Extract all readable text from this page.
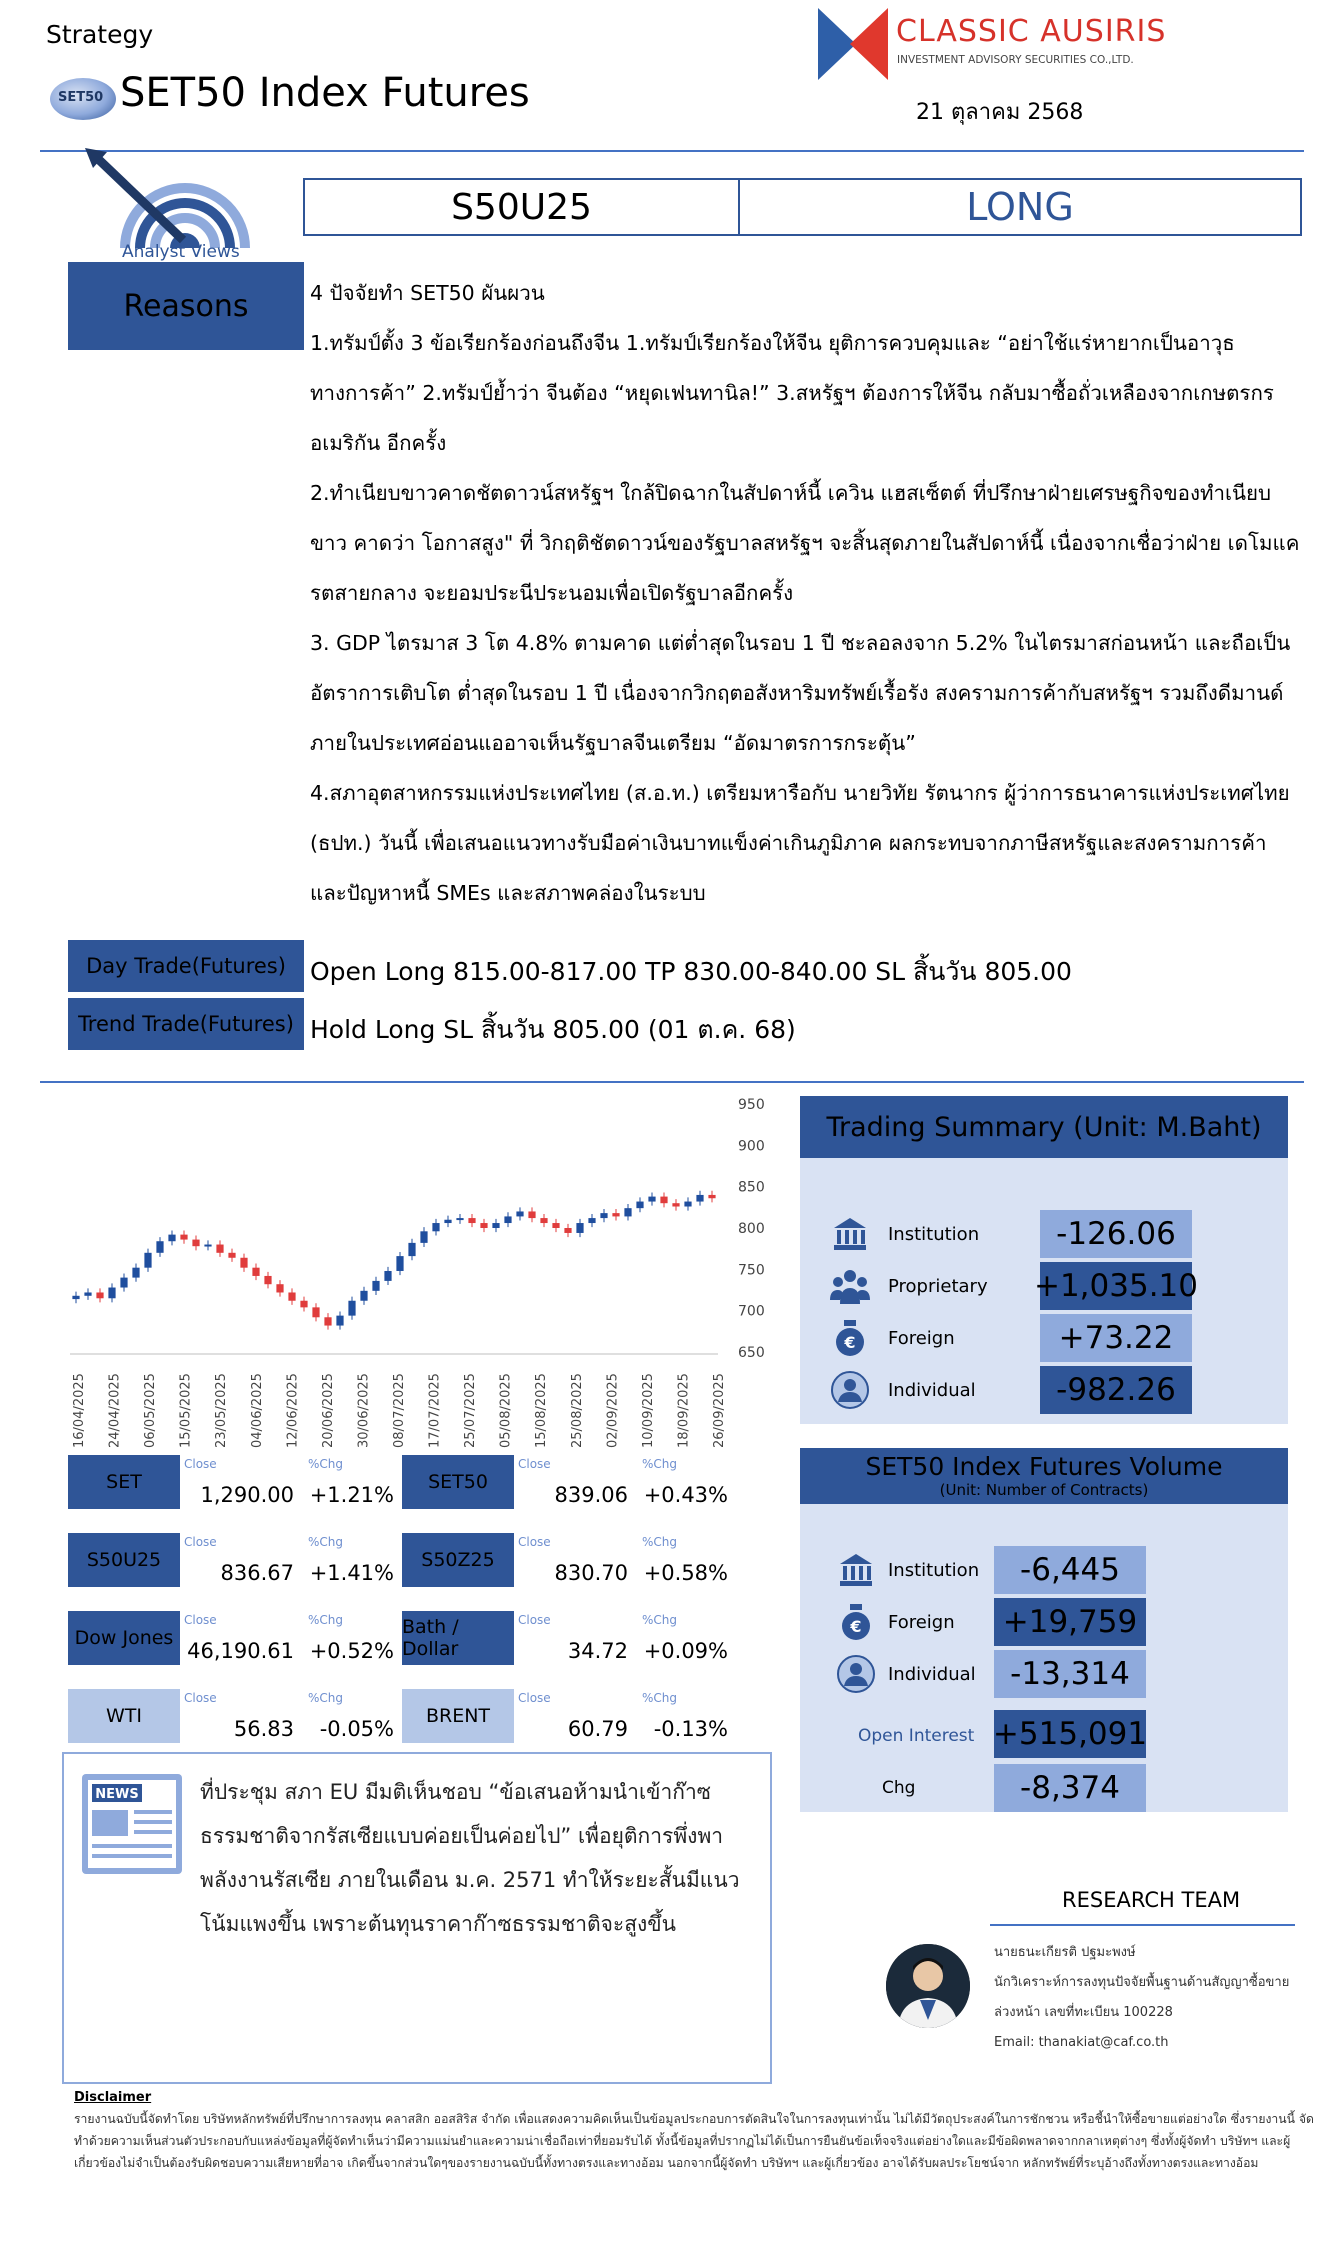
Strategy
SET50 SET50 Index Futures
CLASSIC AUSIRIS
INVESTMENT ADVISORY SECURITIES CO.,LTD.
21 ตุลาคม 2568
Analyst Views
S50U25	LONG
Reasons	4 ปัจจัยทำ SET50 ผันผวน

1.ทรัมป์ตั้ง 3 ข้อเรียกร้องก่อนถึงจีน 1.ทรัมป์เรียกร้องให้จีน ยุติการควบคุมและ “อย่าใช้แร่หายากเป็นอาวุธทางการค้า” 2.ทรัมป์ย้ำว่า จีนต้อง “หยุดเฟนทานิล!” 3.สหรัฐฯ ต้องการให้จีน กลับมาซื้อถั่วเหลืองจากเกษตรกรอเมริกัน อีกครั้ง

2.ทำเนียบขาวคาดชัตดาวน์สหรัฐฯ ใกล้ปิดฉากในสัปดาห์นี้ เควิน แฮสเซ็ตต์ ที่ปรึกษาฝ่ายเศรษฐกิจของทำเนียบขาว คาดว่า โอกาสสูง" ที่ วิกฤติชัตดาวน์ของรัฐบาลสหรัฐฯ จะสิ้นสุดภายในสัปดาห์นี้ เนื่องจากเชื่อว่าฝ่าย เดโมแครตสายกลาง จะยอมประนีประนอมเพื่อเปิดรัฐบาลอีกครั้ง

3. GDP ไตรมาส 3 โต 4.8% ตามคาด แต่ต่ำสุดในรอบ 1 ปี ชะลอลงจาก 5.2% ในไตรมาสก่อนหน้า และถือเป็นอัตราการเติบโต ต่ำสุดในรอบ 1 ปี เนื่องจากวิกฤตอสังหาริมทรัพย์เรื้อรัง สงครามการค้ากับสหรัฐฯ รวมถึงดีมานด์ภายในประเทศอ่อนแออาจเห็นรัฐบาลจีนเตรียม “อัดมาตรการกระตุ้น”

4.สภาอุตสาหกรรมแห่งประเทศไทย (ส.อ.ท.) เตรียมหารือกับ นายวิทัย รัตนากร ผู้ว่าการธนาคารแห่งประเทศไทย (ธปท.) วันนี้ เพื่อเสนอแนวทางรับมือค่าเงินบาทแข็งค่าเกินภูมิภาค ผลกระทบจากภาษีสหรัฐและสงครามการค้า และปัญหาหนี้ SMEs และสภาพคล่องในระบบ

Day Trade(Futures) Open Long 815.00-817.00 TP 830.00-840.00 SL สิ้นวัน 805.00
Trend Trade(Futures) Hold Long SL สิ้นวัน 805.00 (01 ต.ค. 68)
950
900
850
800
750
700
650
16/04/2025 24/04/2025 06/05/2025 15/05/2025 23/05/2025 04/06/2025 12/06/2025 20/06/2025 30/06/2025 08/07/2025 17/07/2025 25/07/2025 05/08/2025 15/08/2025 25/08/2025 02/09/2025 10/09/2025 18/09/2025 26/09/2025
SET
Close	%Chg
1,290.00 +1.21%
SET50
Close	%Chg
839.06 +0.43%
S50U25
Close	%Chg
836.67 +1.41%
S50Z25
Close	%Chg
830.70 +0.58%
Dow Jones
Close	%Chg
46,190.61 +0.52%
Bath / Dollar
Close	%Chg
34.72 +0.09%
WTI
Close	%Chg
56.83	-0.05%
BRENT
Close	%Chg
60.79	-0.13%
NEWS	ที่ประชุม สภา EU มีมติเห็นชอบ “ข้อเสนอห้ามนำเข้าก๊าซธรรมชาติจากรัสเซียแบบค่อยเป็นค่อยไป” เพื่อยุติการพึ่งพาพลังงานรัสเซีย ภายในเดือน ม.ค. 2571 ทำให้ระยะสั้นมีแนวโน้มแพงขึ้น เพราะต้นทุนราคาก๊าซธรรมชาติจะสูงขึ้น
Trading Summary (Unit: M.Baht)
Institution	-126.06
Proprietary +1,035.10
€ Foreign	+73.22
Individual	-982.26
SET50 Index Futures Volume
(Unit: Number of Contracts)
Institution	-6,445
€ Foreign +19,759
Individual	-13,314
Open Interest +515,091
Chg	-8,374
RESEARCH TEAM
นายธนะเกียรติ ปฐมะพงษ์
นักวิเคราะห์การลงทุนปัจจัยพื้นฐานด้านสัญญาซื้อขาย
ล่วงหน้า เลขที่ทะเบียน 100228
Email: thanakiat@caf.co.th
Disclaimer
รายงานฉบับนี้จัดทำโดย บริษัทหลักทรัพย์ที่ปรึกษาการลงทุน คลาสสิก ออสสิริส จำกัด เพื่อแสดงความคิดเห็นเป็นข้อมูลประกอบการตัดสินใจในการลงทุนเท่านั้น ไม่ได้มีวัตถุประสงค์ในการชักชวน หรือชี้นำให้ซื้อขายแต่อย่างใด ซึ่งรายงานนี้ จัดทำด้วยความเห็นส่วนตัวประกอบกับแหล่งข้อมูลที่ผู้จัดทำเห็นว่ามีความแม่นยำและความน่าเชื่อถือเท่าที่ยอมรับได้ ทั้งนี้ข้อมูลที่ปรากฏไม่ได้เป็นการยืนยันข้อเท็จจริงแต่อย่างใดและมีข้อผิดพลาดจากกลาเหตุต่างๆ ซึ่งทั้งผู้จัดทำ บริษัทฯ และผู้เกี่ยวข้องไม่จำเป็นต้องรับผิดชอบความเสียหายที่อาจ เกิดขึ้นจากส่วนใดๆของรายงานฉบับนี้ทั้งทางตรงและทางอ้อม นอกจากนี้ผู้จัดทำ บริษัทฯ และผู้เกี่ยวข้อง อาจได้รับผลประโยชน์จาก หลักทรัพย์ที่ระบุอ้างถึงทั้งทางตรงและทางอ้อม
